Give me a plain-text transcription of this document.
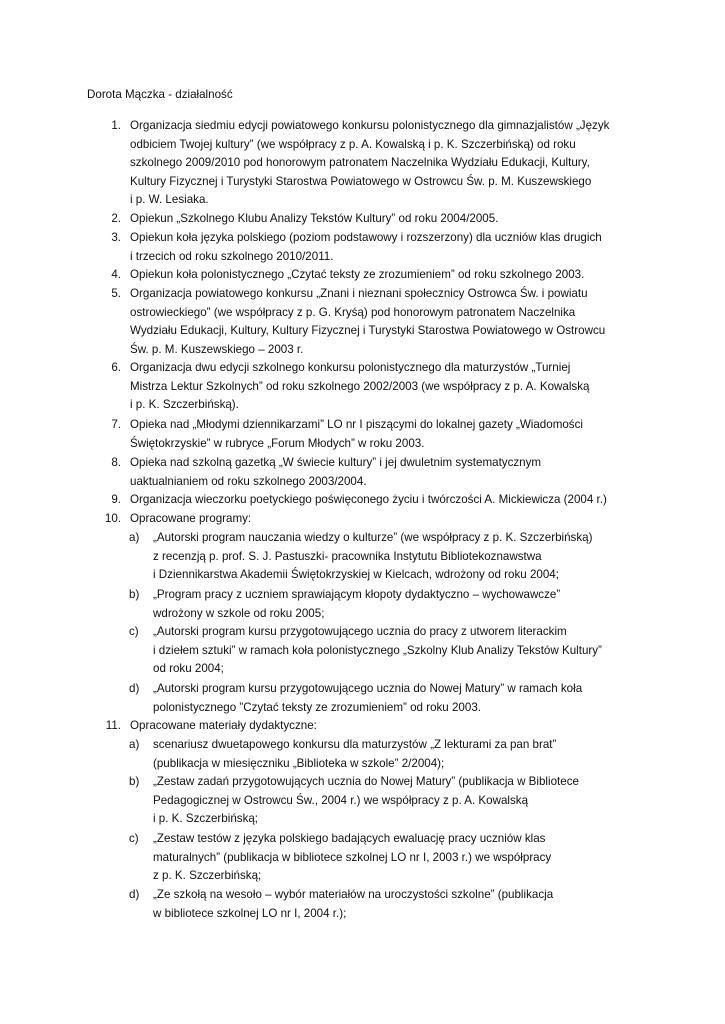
Dorota Mączka - działalność
1. Organizacja siedmiu edycji powiatowego konkursu polonistycznego dla gimnazjalistów „Język
odbiciem Twojej kultury” (we współpracy z p. A. Kowalską i p. K. Szczerbińską) od roku
szkolnego 2009/2010 pod honorowym patronatem Naczelnika Wydziału Edukacji, Kultury,
Kultury Fizycznej i Turystyki Starostwa Powiatowego w Ostrowcu Św. p. M. Kuszewskiego
i p. W. Lesiaka.
2. Opiekun „Szkolnego Klubu Analizy Tekstów Kultury” od roku 2004/2005.
3. Opiekun koła języka polskiego (poziom podstawowy i rozszerzony) dla uczniów klas drugich
i trzecich od roku szkolnego 2010/2011.
4. Opiekun koła polonistycznego „Czytać teksty ze zrozumieniem” od roku szkolnego 2003.
5. Organizacja powiatowego konkursu „Znani i nieznani społecznicy Ostrowca Św. i powiatu
ostrowieckiego” (we współpracy z p. G. Kryśą) pod honorowym patronatem Naczelnika
Wydziału Edukacji, Kultury, Kultury Fizycznej i Turystyki Starostwa Powiatowego w Ostrowcu
Św. p. M. Kuszewskiego – 2003 r.
6. Organizacja dwu edycji szkolnego konkursu polonistycznego dla maturzystów „Turniej
Mistrza Lektur Szkolnych” od roku szkolnego 2002/2003 (we współpracy z p. A. Kowalską
i p. K. Szczerbińską).
7. Opieka nad „Młodymi dziennikarzami” LO nr I piszącymi do lokalnej gazety „Wiadomości
Świętokrzyskie” w rubryce „Forum Młodych” w roku 2003.
8. Opieka nad szkolną gazetką „W świecie kultury” i jej dwuletnim systematycznym
uaktualnianiem od roku szkolnego 2003/2004.
9. Organizacja wieczorku poetyckiego poświęconego życiu i twórczości A. Mickiewicza (2004 r.)
10. Opracowane programy:
a)	„Autorski program nauczania wiedzy o kulturze” (we współpracy z p. K. Szczerbińską)
z recenzją p. prof. S. J. Pastuszki- pracownika Instytutu Bibliotekoznawstwa
i Dziennikarstwa Akademii Świętokrzyskiej w Kielcach, wdrożony od roku 2004;
b)	„Program pracy z uczniem sprawiającym kłopoty dydaktyczno – wychowawcze”
wdrożony w szkole od roku 2005;
c)	„Autorski program kursu przygotowującego ucznia do pracy z utworem literackim
i dziełem sztuki” w ramach koła polonistycznego „Szkolny Klub Analizy Tekstów Kultury”
od roku 2004;
d)	„Autorski program kursu przygotowującego ucznia do Nowej Matury” w ramach koła
polonistycznego ”Czytać teksty ze zrozumieniem” od roku 2003.
11. Opracowane materiały dydaktyczne:
a)	scenariusz dwuetapowego konkursu dla maturzystów „Z lekturami za pan brat”
(publikacja w miesięczniku „Biblioteka w szkole” 2/2004);
b)	„Zestaw zadań przygotowujących ucznia do Nowej Matury” (publikacja w Bibliotece
Pedagogicznej w Ostrowcu Św., 2004 r.) we współpracy z p. A. Kowalską
i p. K. Szczerbińską;
c)	„Zestaw testów z języka polskiego badających ewaluację pracy uczniów klas
maturalnych” (publikacja w bibliotece szkolnej LO nr I, 2003 r.) we współpracy
z p. K. Szczerbińską;
d)	„Ze szkołą na wesoło – wybór materiałów na uroczystości szkolne” (publikacja
w bibliotece szkolnej LO nr I, 2004 r.);
